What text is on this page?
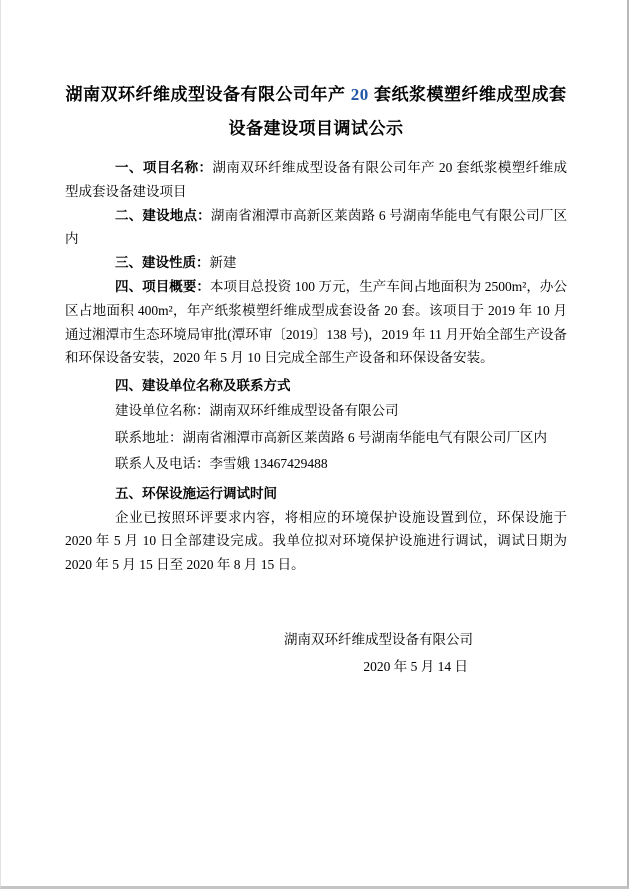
湖南双环纤维成型设备有限公司年产 20 套纸浆模塑纤维成型成套设备建设项目调试公示

一、项目名称：湖南双环纤维成型设备有限公司年产 20 套纸浆模塑纤维成型成套设备建设项目

二、建设地点：湖南省湘潭市高新区莱茵路 6 号湖南华能电气有限公司厂区内

三、建设性质：新建

四、项目概要：本项目总投资 100 万元，生产车间占地面积为 2500m²，办公区占地面积 400m²，年产纸浆模塑纤维成型成套设备 20 套。该项目于 2019 年 10 月通过湘潭市生态环境局审批(潭环审〔2019〕138 号)，2019 年 11 月开始全部生产设备和环保设备安装，2020 年 5 月 10 日完成全部生产设备和环保设备安装。

四、建设单位名称及联系方式

建设单位名称：湖南双环纤维成型设备有限公司

联系地址：湖南省湘潭市高新区莱茵路 6 号湖南华能电气有限公司厂区内

联系人及电话：李雪娥 13467429488

五、环保设施运行调试时间

企业已按照环评要求内容，将相应的环境保护设施设置到位，环保设施于 2020 年 5 月 10 日全部建设完成。我单位拟对环境保护设施进行调试，调试日期为 2020 年 5 月 15 日至 2020 年 8 月 15 日。

湖南双环纤维成型设备有限公司
2020 年 5 月 14 日
